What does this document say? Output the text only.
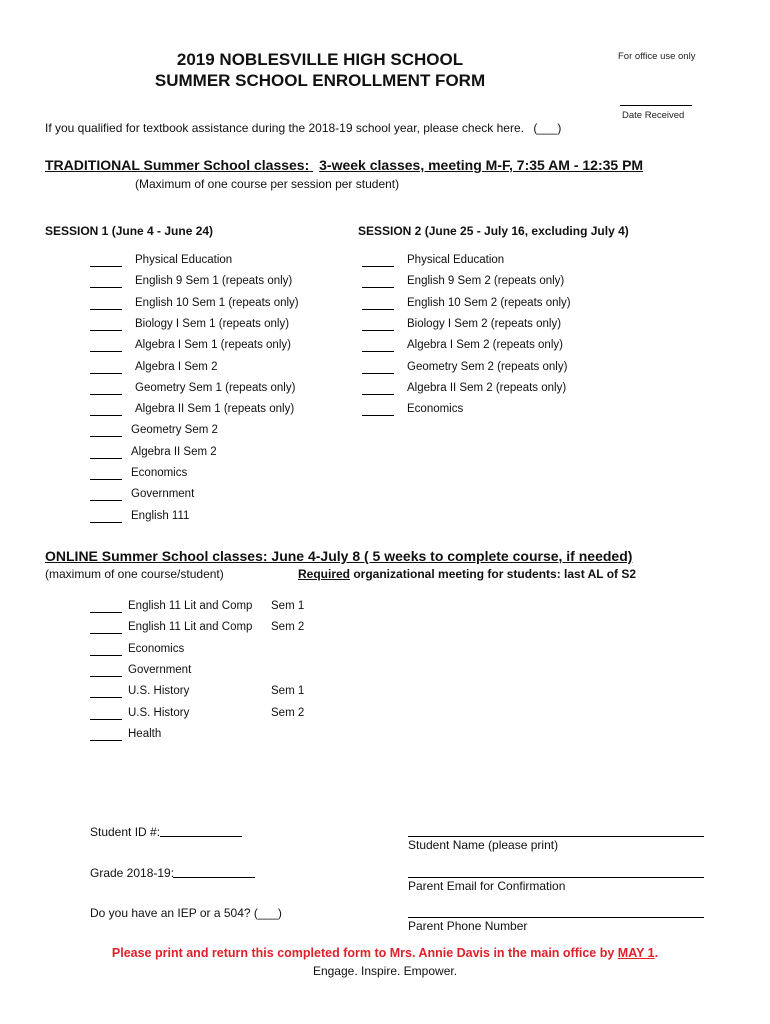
2019 NOBLESVILLE HIGH SCHOOL
SUMMER SCHOOL ENROLLMENT FORM
For office use only
Date Received
If you qualified for textbook assistance during the 2018-19 school year, please check here. (___)
TRADITIONAL Summer School classes: 3-week classes, meeting M-F, 7:35 AM - 12:35 PM
(Maximum of one course per session per student)
SESSION 1 (June 4 - June 24)	SESSION 2 (June 25 - July 16, excluding July 4)
Physical Education
English 9 Sem 1 (repeats only)
English 10 Sem 1 (repeats only)
Biology I Sem 1 (repeats only)
Algebra I Sem 1 (repeats only)
Algebra I Sem 2
Geometry Sem 1 (repeats only)
Algebra II Sem 1 (repeats only)
Geometry Sem 2
Algebra II Sem 2
Economics
Government
English 111
Physical Education
English 9 Sem 2 (repeats only)
English 10 Sem 2 (repeats only)
Biology I Sem 2 (repeats only)
Algebra I Sem 2 (repeats only)
Geometry Sem 2 (repeats only)
Algebra II Sem 2 (repeats only)
Economics
ONLINE Summer School classes: June 4-July 8 ( 5 weeks to complete course, if needed)
(maximum of one course/student)	Required organizational meeting for students: last AL of S2
English 11 Lit and Comp Sem 1
English 11 Lit and Comp Sem 2
Economics
Government
U.S. History	Sem 1
U.S. History	Sem 2
Health
Student ID #:
Grade 2018-19:
Do you have an IEP or a 504? (___)
Student Name (please print)
Parent Email for Confirmation
Parent Phone Number
Please print and return this completed form to Mrs. Annie Davis in the main office by MAY 1.
Engage. Inspire. Empower.
